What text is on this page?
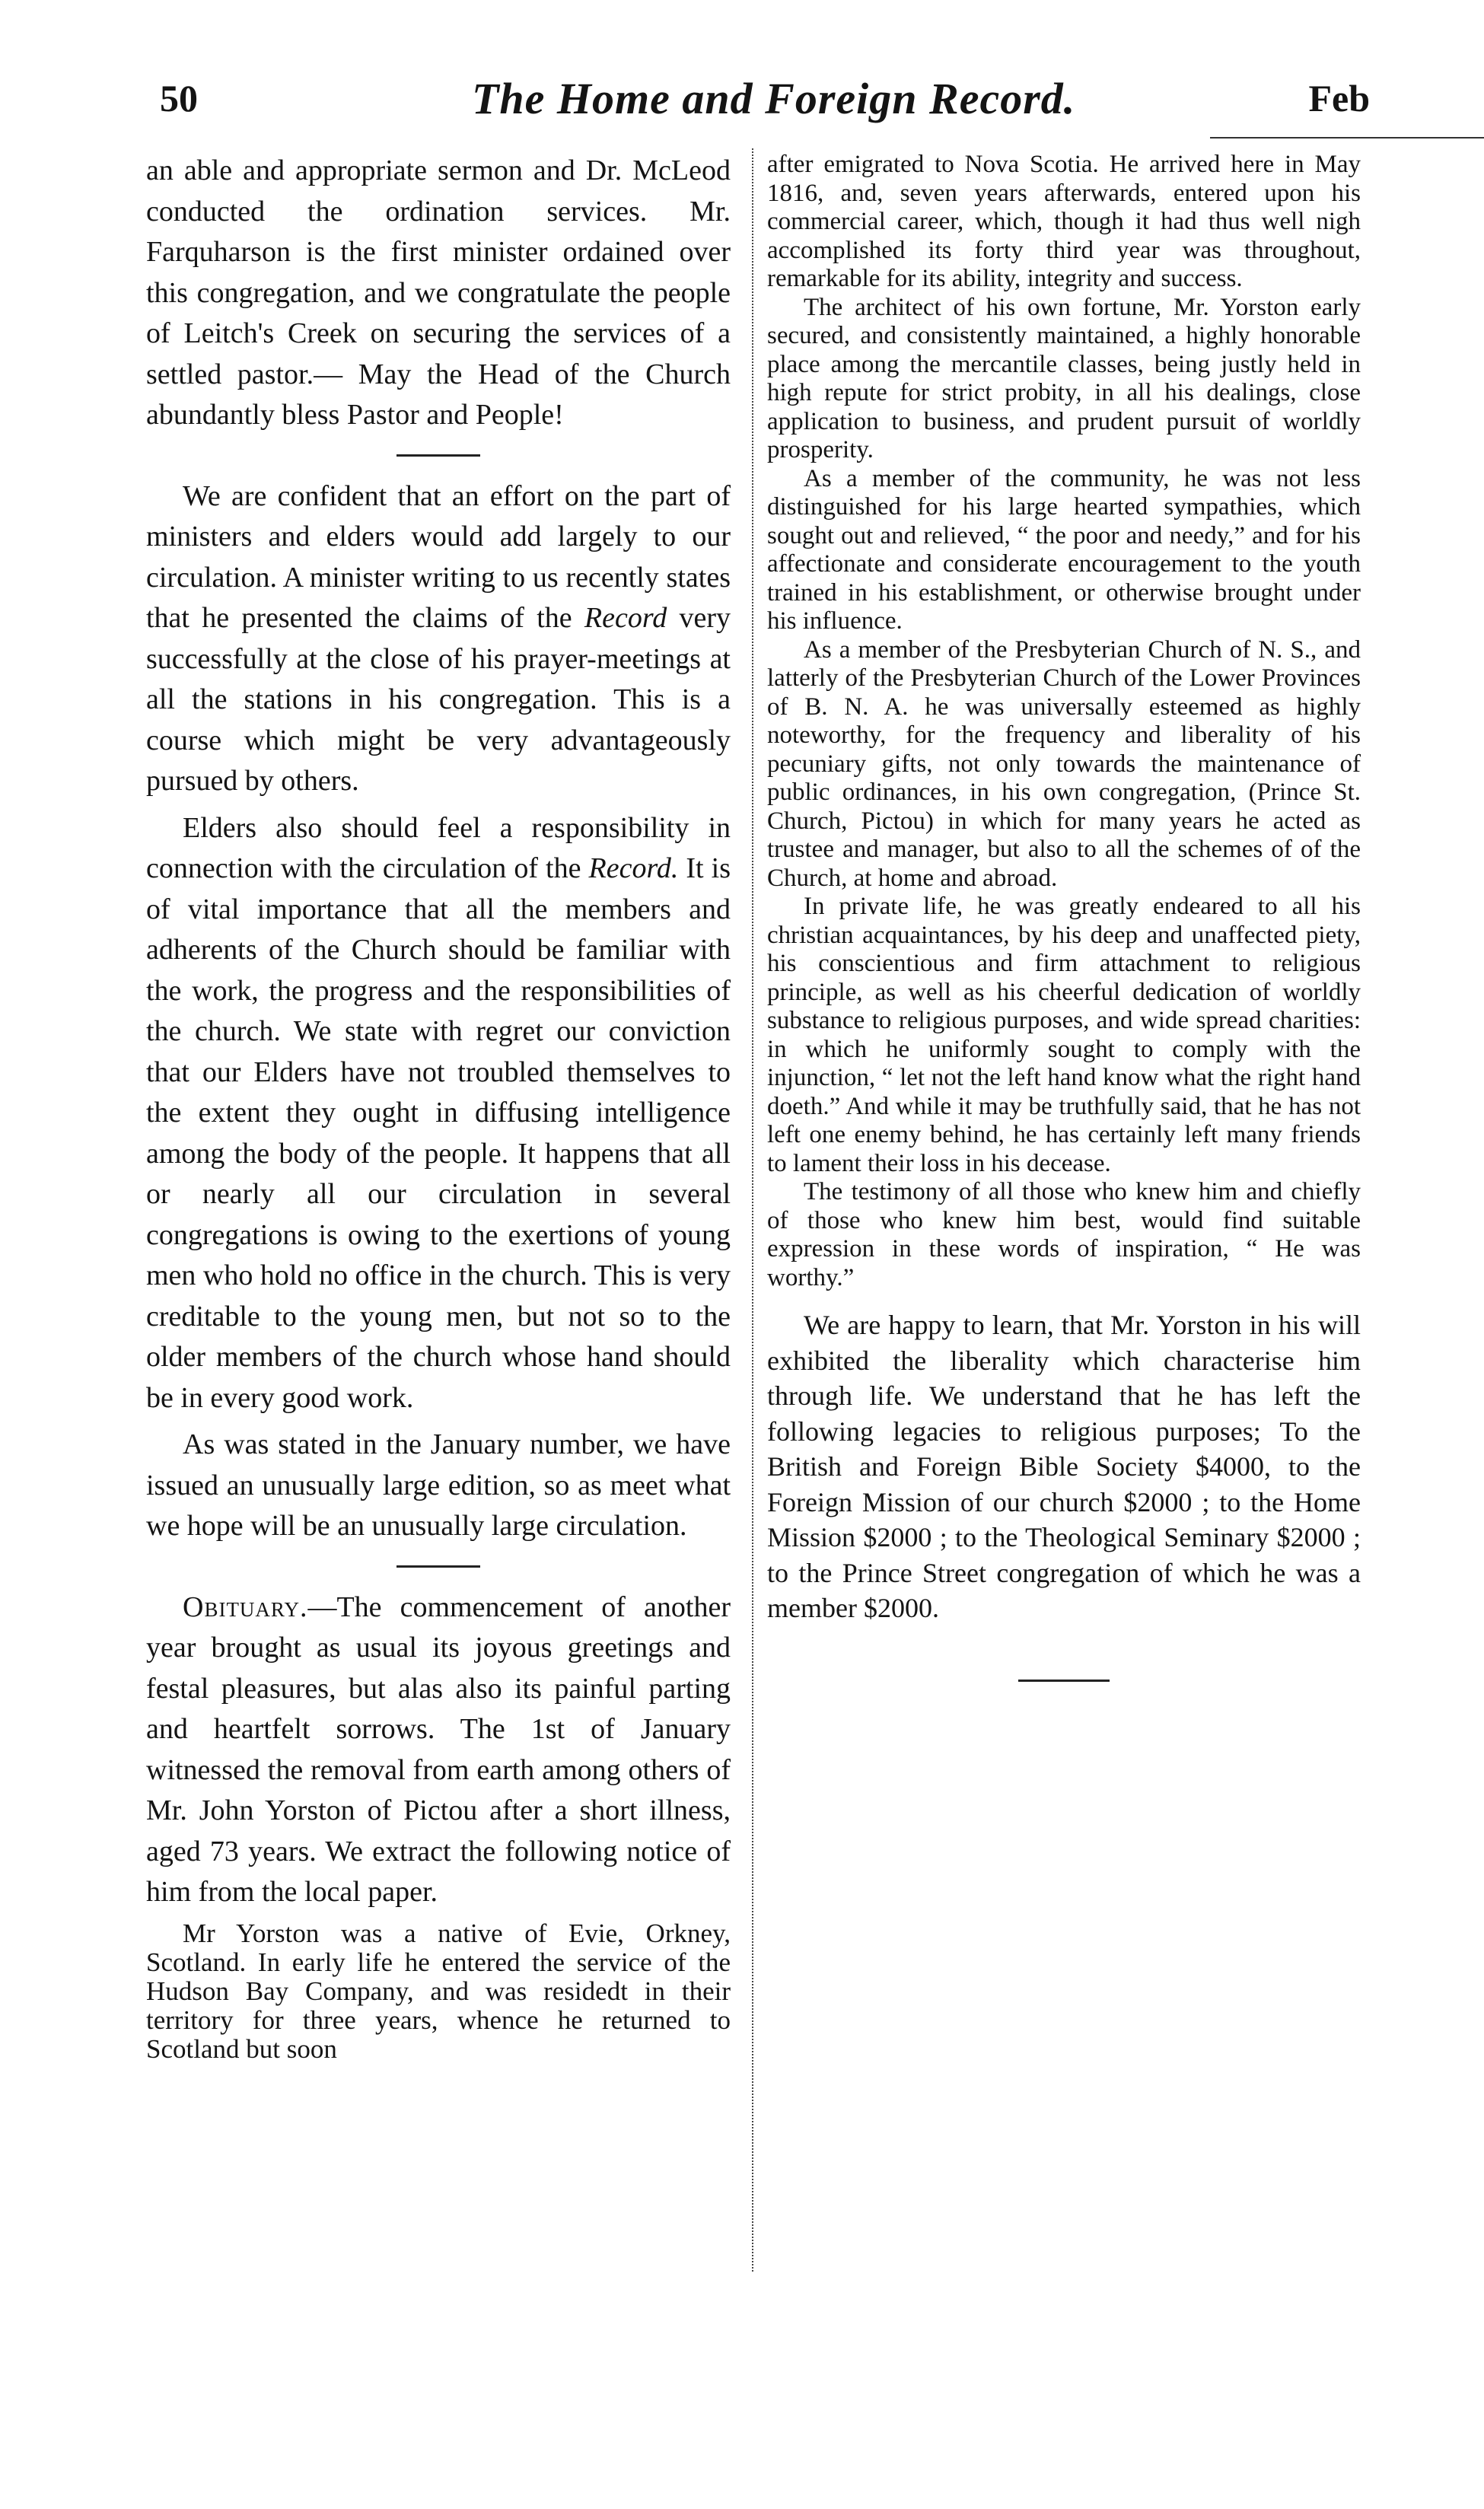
50	The Home and Foreign Record.	Feb

an able and appropriate sermon and Dr. McLeod conducted the ordination services. Mr. Farquharson is the first minister ordained over this congregation, and we congratulate the people of Leitch's Creek on securing the services of a settled pastor.— May the Head of the Church abundantly bless Pastor and People!

We are confident that an effort on the part of ministers and elders would add largely to our circulation. A minister writing to us recently states that he presented the claims of the Record very successfully at the close of his prayer-meetings at all the stations in his congregation. This is a course which might be very advantageously pursued by others.

Elders also should feel a responsibility in connection with the circulation of the Record. It is of vital importance that all the members and adherents of the Church should be familiar with the work, the progress and the responsibilities of the church. We state with regret our conviction that our Elders have not troubled themselves to the extent they ought in diffusing intelligence among the body of the people. It happens that all or nearly all our circulation in several congregations is owing to the exertions of young men who hold no office in the church. This is very creditable to the young men, but not so to the older members of the church whose hand should be in every good work.

As was stated in the January number, we have issued an unusually large edition, so as meet what we hope will be an unusually large circulation.

Obituary.—The commencement of another year brought as usual its joyous greetings and festal pleasures, but alas also its painful parting and heartfelt sorrows. The 1st of January witnessed the removal from earth among others of Mr. John Yorston of Pictou after a short illness, aged 73 years. We extract the following notice of him from the local paper.

Mr Yorston was a native of Evie, Orkney, Scotland. In early life he entered the service of the Hudson Bay Company, and was residedt in their territory for three years, whence he returned to Scotland but soon

after emigrated to Nova Scotia. He arrived here in May 1816, and, seven years afterwards, entered upon his commercial career, which, though it had thus well nigh accomplished its forty third year was throughout, remarkable for its ability, integrity and success.

The architect of his own fortune, Mr. Yorston early secured, and consistently maintained, a highly honorable place among the mercantile classes, being justly held in high repute for strict probity, in all his dealings, close application to business, and prudent pursuit of worldly prosperity.

As a member of the community, he was not less distinguished for his large hearted sympathies, which sought out and relieved, “ the poor and needy,” and for his affectionate and considerate encouragement to the youth trained in his establishment, or otherwise brought under his influence.

As a member of the Presbyterian Church of N. S., and latterly of the Presbyterian Church of the Lower Provinces of B. N. A. he was universally esteemed as highly noteworthy, for the frequency and liberality of his pecuniary gifts, not only towards the maintenance of public ordinances, in his own congregation, (Prince St. Church, Pictou) in which for many years he acted as trustee and manager, but also to all the schemes of of the Church, at home and abroad.

In private life, he was greatly endeared to all his christian acquaintances, by his deep and unaffected piety, his conscientious and firm attachment to religious principle, as well as his cheerful dedication of worldly substance to religious purposes, and wide spread charities: in which he uniformly sought to comply with the injunction, “ let not the left hand know what the right hand doeth.” And while it may be truthfully said, that he has not left one enemy behind, he has certainly left many friends to lament their loss in his decease.

The testimony of all those who knew him and chiefly of those who knew him best, would find suitable expression in these words of inspiration, “ He was worthy.”

We are happy to learn, that Mr. Yorston in his will exhibited the liberality which characterise him through life. We understand that he has left the following legacies to religious purposes; To the British and Foreign Bible Society $4000, to the Foreign Mission of our church $2000 ; to the Home Mission $2000 ; to the Theological Seminary $2000 ; to the Prince Street congregation of which he was a member $2000.
